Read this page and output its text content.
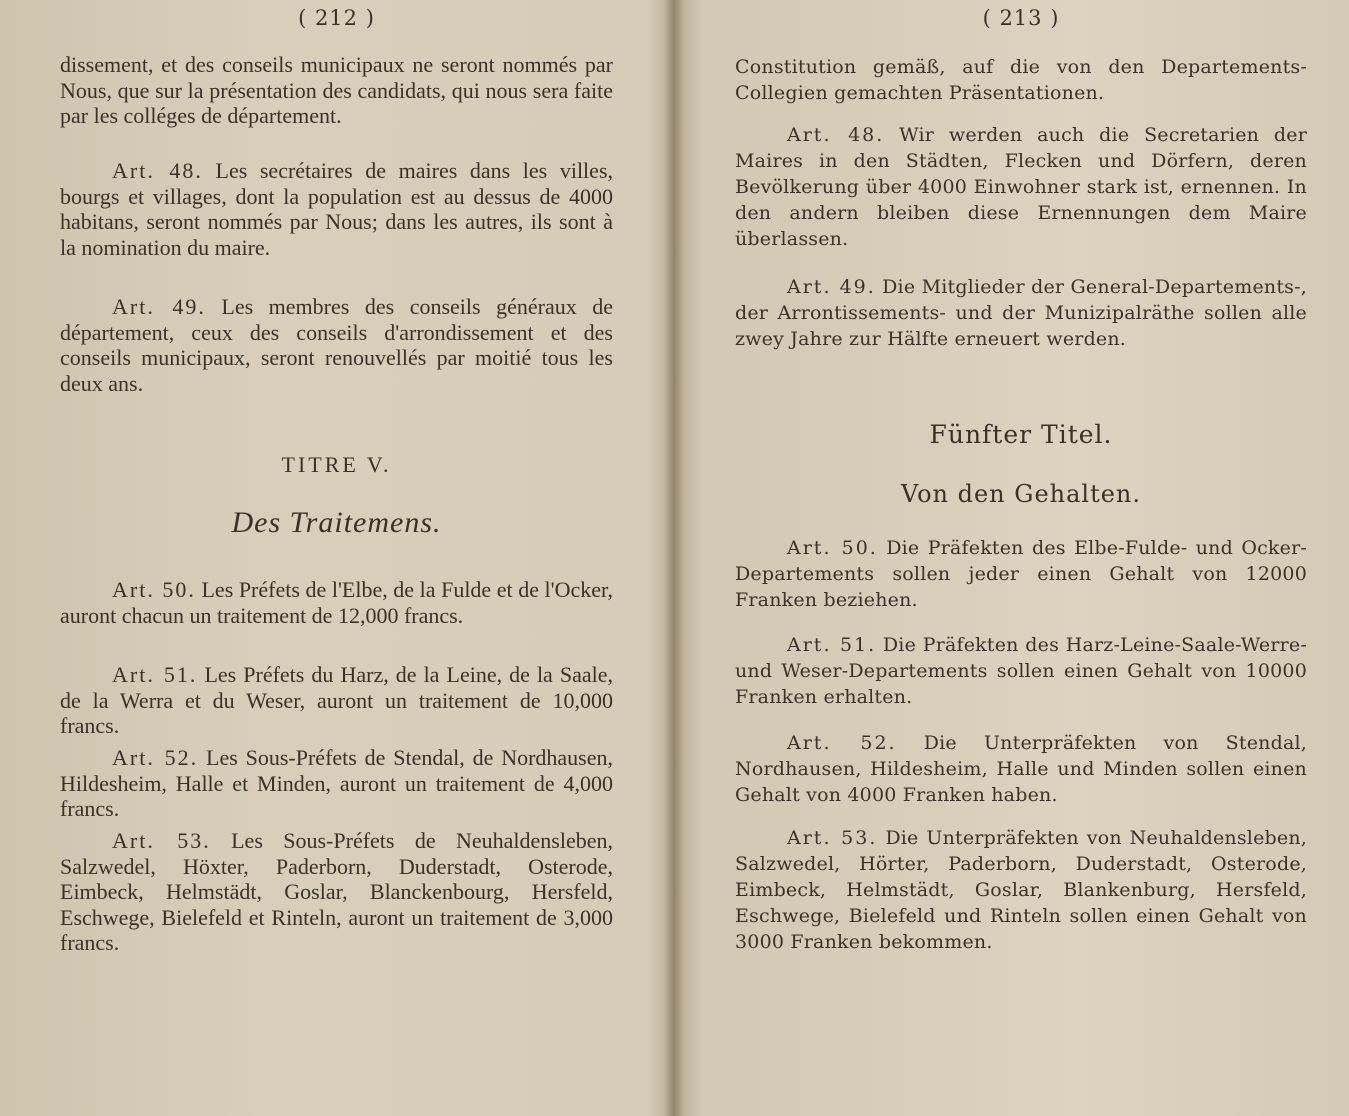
( 212 )

dissement, et des conseils municipaux ne seront nommés par Nous, que sur la présentation des candidats, qui nous sera faite par les colléges de département.

Art. 48. Les secrétaires de maires dans les villes, bourgs et villages, dont la population est au dessus de 4000 habitans, seront nommés par Nous; dans les autres, ils sont à la nomination du maire.

Art. 49. Les membres des conseils généraux de département, ceux des conseils d'arrondissement et des conseils municipaux, seront renouvellés par moitié tous les deux ans.

TITRE V.
Des Traitemens.

Art. 50. Les Préfets de l'Elbe, de la Fulde et de l'Ocker, auront chacun un traitement de 12,000 francs.

Art. 51. Les Préfets du Harz, de la Leine, de la Saale, de la Werra et du Weser, auront un traitement de 10,000 francs.

Art. 52. Les Sous-Préfets de Stendal, de Nordhausen, Hildesheim, Halle et Minden, auront un traitement de 4,000 francs.

Art. 53. Les Sous-Préfets de Neuhaldensleben, Salzwedel, Höxter, Paderborn, Duderstadt, Osterode, Eimbeck, Helmstädt, Goslar, Blanckenbourg, Hersfeld, Eschwege, Bielefeld et Rinteln, auront un traitement de 3,000 francs.

( 213 )

Constitution gemäß, auf die von den Departements-Collegien gemachten Präsentationen.

Art. 48. Wir werden auch die Secretarien der Maires in den Städten, Flecken und Dörfern, deren Bevölkerung über 4000 Einwohner stark ist, ernennen. In den andern bleiben diese Ernennungen dem Maire überlassen.

Art. 49. Die Mitglieder der General-Departements-, der Arrontissements- und der Munizipalräthe sollen alle zwey Jahre zur Hälfte erneuert werden.

Fünfter Titel.
Von den Gehalten.

Art. 50. Die Präfekten des Elbe-Fulde- und Ocker-Departements sollen jeder einen Gehalt von 12000 Franken beziehen.

Art. 51. Die Präfekten des Harz-Leine-Saale-Werre- und Weser-Departements sollen einen Gehalt von 10000 Franken erhalten.

Art. 52. Die Unterpräfekten von Stendal, Nordhausen, Hildesheim, Halle und Minden sollen einen Gehalt von 4000 Franken haben.

Art. 53. Die Unterpräfekten von Neuhaldensleben, Salzwedel, Hörter, Paderborn, Duderstadt, Osterode, Eimbeck, Helmstädt, Goslar, Blankenburg, Hersfeld, Eschwege, Bielefeld und Rinteln sollen einen Gehalt von 3000 Franken bekommen.
